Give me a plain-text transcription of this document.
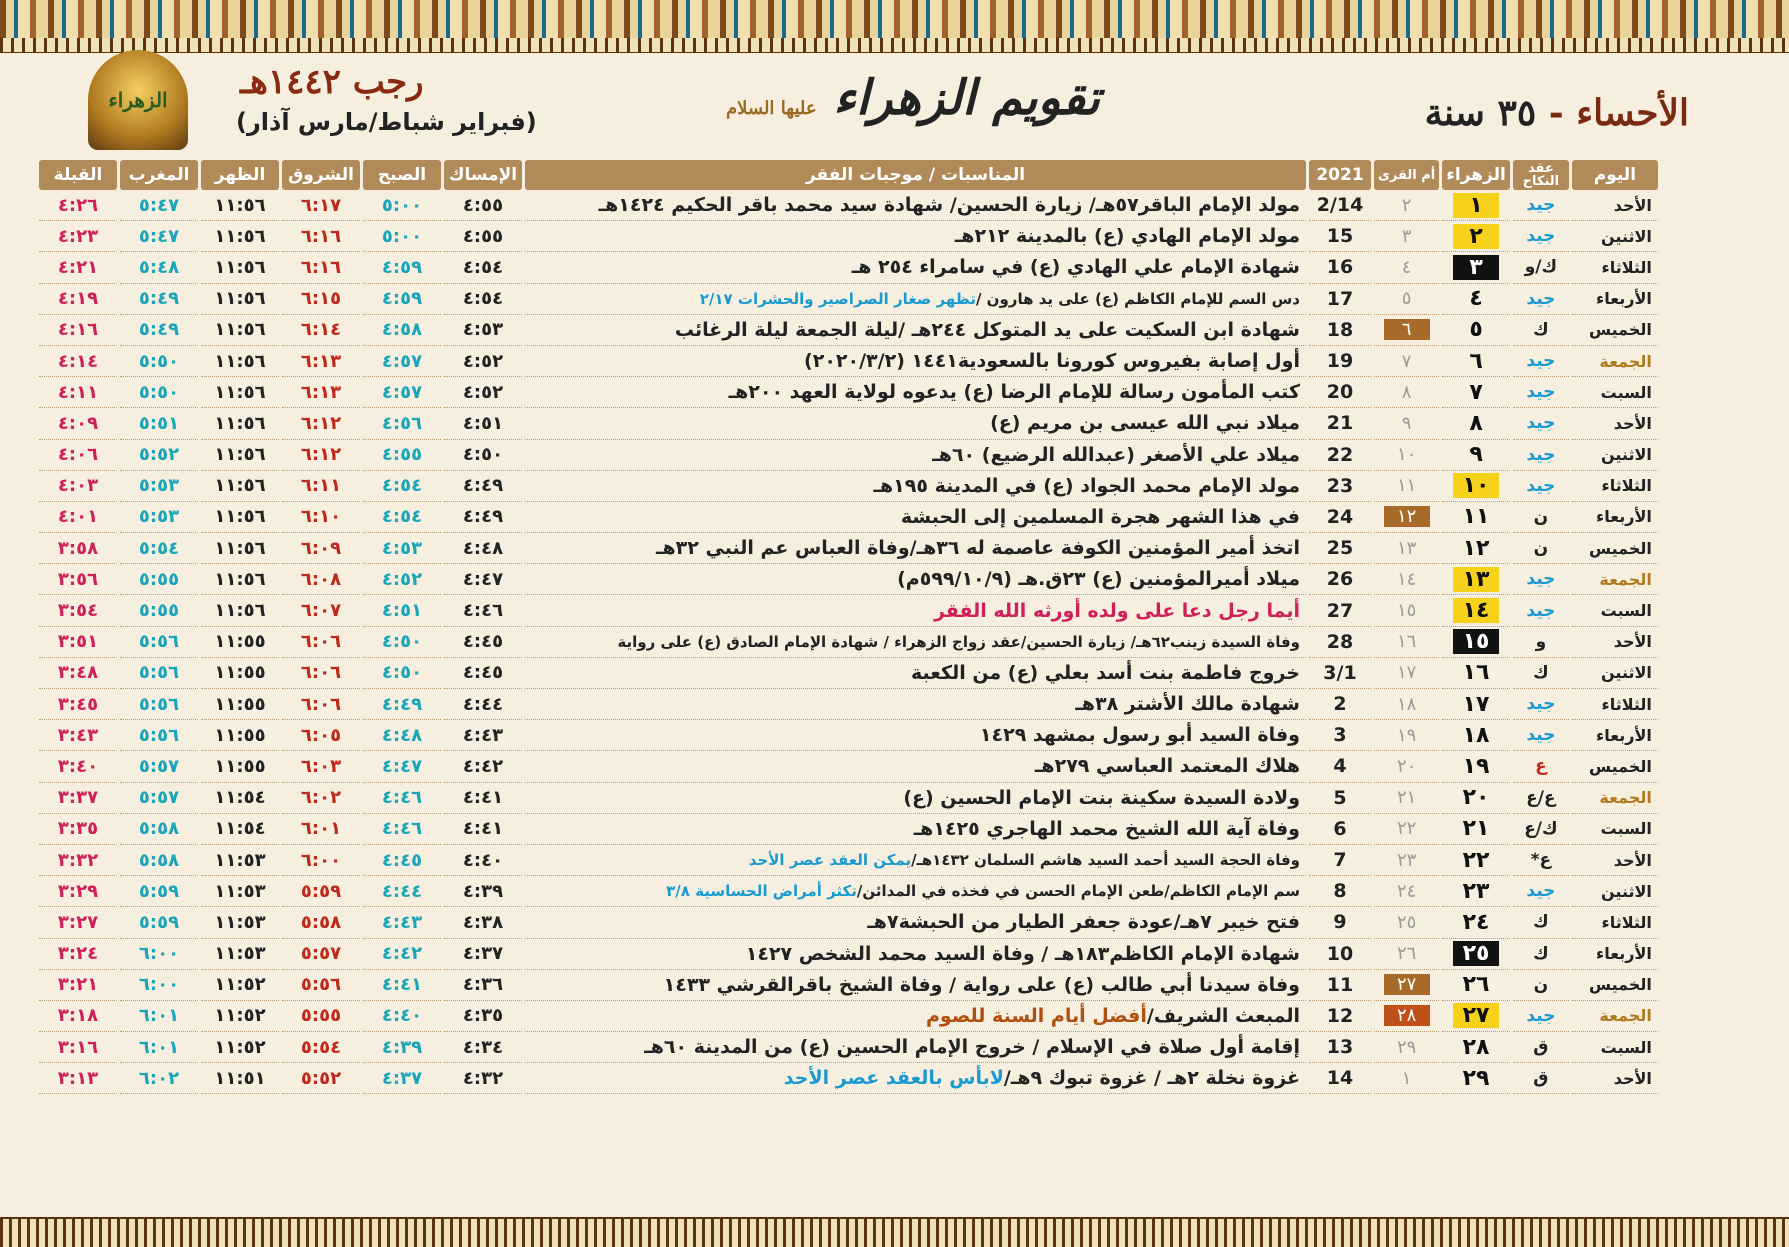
الزهراء رجب ١٤٤٢هـ
(فبراير شباط/مارس آذار)	تقويم الزهراء عليها السلام	الأحساء - ٣٥ سنة
اليوم	عقد النكاح	الزهراء	أم القرى	2021	المناسبات / موجبات الفقر	الإمساك	الصبح	الشروق	الظهر	المغرب	القبلة
الأحد	جيد	١	٢	2/14	مولد الإمام الباقر٥٧هـ/ زيارة الحسين/ شهادة سيد محمد باقر الحكيم ١٤٢٤هـ	٤:٥٥	٥:٠٠	٦:١٧	١١:٥٦	٥:٤٧	٤:٢٦
الاثنين	جيد	٢	٣	15	مولد الإمام الهادي (ع) بالمدينة ٢١٢هـ	٤:٥٥	٥:٠٠	٦:١٦	١١:٥٦	٥:٤٧	٤:٢٣
الثلاثاء	ك/و	٣	٤	16	شهادة الإمام علي الهادي (ع) في سامراء ٢٥٤ هـ	٤:٥٤	٤:٥٩	٦:١٦	١١:٥٦	٥:٤٨	٤:٢١
الأربعاء	جيد	٤	٥	17	دس السم للإمام الكاظم (ع) على يد هارون /تظهر صغار الصراصير والحشرات ٢/١٧	٤:٥٤	٤:٥٩	٦:١٥	١١:٥٦	٥:٤٩	٤:١٩
الخميس	ك	٥	٦	18	شهادة ابن السكيت على يد المتوكل ٢٤٤هـ /ليلة الجمعة ليلة الرغائب	٤:٥٣	٤:٥٨	٦:١٤	١١:٥٦	٥:٤٩	٤:١٦
الجمعة	جيد	٦	٧	19	أول إصابة بفيروس كورونا بالسعودية١٤٤١ (٢٠٢٠/٣/٢)	٤:٥٢	٤:٥٧	٦:١٣	١١:٥٦	٥:٥٠	٤:١٤
السبت	جيد	٧	٨	20	كتب المأمون رسالة للإمام الرضا (ع) يدعوه لولاية العهد ٢٠٠هـ	٤:٥٢	٤:٥٧	٦:١٣	١١:٥٦	٥:٥٠	٤:١١
الأحد	جيد	٨	٩	21	ميلاد نبي الله عيسى بن مريم (ع)	٤:٥١	٤:٥٦	٦:١٢	١١:٥٦	٥:٥١	٤:٠٩
الاثنين	جيد	٩	١٠	22	ميلاد علي الأصغر (عبدالله الرضيع) ٦٠هـ	٤:٥٠	٤:٥٥	٦:١٢	١١:٥٦	٥:٥٢	٤:٠٦
الثلاثاء	جيد	١٠	١١	23	مولد الإمام محمد الجواد (ع) في المدينة ١٩٥هـ	٤:٤٩	٤:٥٤	٦:١١	١١:٥٦	٥:٥٣	٤:٠٣
الأربعاء	ن	١١	١٢	24	في هذا الشهر هجرة المسلمين إلى الحبشة	٤:٤٩	٤:٥٤	٦:١٠	١١:٥٦	٥:٥٣	٤:٠١
الخميس	ن	١٢	١٣	25	اتخذ أمير المؤمنين الكوفة عاصمة له ٣٦هـ/وفاة العباس عم النبي ٣٢هـ	٤:٤٨	٤:٥٣	٦:٠٩	١١:٥٦	٥:٥٤	٣:٥٨
الجمعة	جيد	١٣	١٤	26	ميلاد أميرالمؤمنين (ع) ٢٣ق.هـ (٥٩٩/١٠/٩م)	٤:٤٧	٤:٥٢	٦:٠٨	١١:٥٦	٥:٥٥	٣:٥٦
السبت	جيد	١٤	١٥	27	أيما رجل دعا على ولده أورثه الله الفقر	٤:٤٦	٤:٥١	٦:٠٧	١١:٥٦	٥:٥٥	٣:٥٤
الأحد	و	١٥	١٦	28	وفاة السيدة زينب٦٢هـ/ زيارة الحسين/عقد زواج الزهراء / شهادة الإمام الصادق (ع) على رواية	٤:٤٥	٤:٥٠	٦:٠٦	١١:٥٥	٥:٥٦	٣:٥١
الاثنين	ك	١٦	١٧	3/1	خروج فاطمة بنت أسد بعلي (ع) من الكعبة	٤:٤٥	٤:٥٠	٦:٠٦	١١:٥٥	٥:٥٦	٣:٤٨
الثلاثاء	جيد	١٧	١٨	2	شهادة مالك الأشتر ٣٨هـ	٤:٤٤	٤:٤٩	٦:٠٦	١١:٥٥	٥:٥٦	٣:٤٥
الأربعاء	جيد	١٨	١٩	3	وفاة السيد أبو رسول بمشهد ١٤٢٩	٤:٤٣	٤:٤٨	٦:٠٥	١١:٥٥	٥:٥٦	٣:٤٣
الخميس	ع	١٩	٢٠	4	هلاك المعتمد العباسي ٢٧٩هـ	٤:٤٢	٤:٤٧	٦:٠٣	١١:٥٥	٥:٥٧	٣:٤٠
الجمعة	ع/ع	٢٠	٢١	5	ولادة السيدة سكينة بنت الإمام الحسين (ع)	٤:٤١	٤:٤٦	٦:٠٢	١١:٥٤	٥:٥٧	٣:٣٧
السبت	ك/ع	٢١	٢٢	6	وفاة آية الله الشيخ محمد الهاجري ١٤٢٥هـ	٤:٤١	٤:٤٦	٦:٠١	١١:٥٤	٥:٥٨	٣:٣٥
الأحد	ع*	٢٢	٢٣	7	وفاة الحجة السيد أحمد السيد هاشم السلمان ١٤٣٢هـ/يمكن العقد عصر الأحد	٤:٤٠	٤:٤٥	٦:٠٠	١١:٥٣	٥:٥٨	٣:٣٢
الاثنين	جيد	٢٣	٢٤	8	سم الإمام الكاظم/طعن الإمام الحسن في فخذه في المدائن/تكثر أمراض الحساسية ٣/٨	٤:٣٩	٤:٤٤	٥:٥٩	١١:٥٣	٥:٥٩	٣:٢٩
الثلاثاء	ك	٢٤	٢٥	9	فتح خيبر ٧هـ/عودة جعفر الطيار من الحبشة٧هـ	٤:٣٨	٤:٤٣	٥:٥٨	١١:٥٣	٥:٥٩	٣:٢٧
الأربعاء	ك	٢٥	٢٦	10	شهادة الإمام الكاظم١٨٣هـ / وفاة السيد محمد الشخص ١٤٢٧	٤:٣٧	٤:٤٢	٥:٥٧	١١:٥٣	٦:٠٠	٣:٢٤
الخميس	ن	٢٦	٢٧	11	وفاة سيدنا أبي طالب (ع) على رواية / وفاة الشيخ باقرالقرشي ١٤٣٣	٤:٣٦	٤:٤١	٥:٥٦	١١:٥٢	٦:٠٠	٣:٢١
الجمعة	جيد	٢٧	٢٨	12	المبعث الشريف/أفضل أيام السنة للصوم	٤:٣٥	٤:٤٠	٥:٥٥	١١:٥٢	٦:٠١	٣:١٨
السبت	ق	٢٨	٢٩	13	إقامة أول صلاة في الإسلام / خروج الإمام الحسين (ع) من المدينة ٦٠هـ	٤:٣٤	٤:٣٩	٥:٥٤	١١:٥٢	٦:٠١	٣:١٦
الأحد	ق	٢٩	١	14	غزوة نخلة ٢هـ / غزوة تبوك ٩هـ/لابأس بالعقد عصر الأحد	٤:٣٢	٤:٣٧	٥:٥٢	١١:٥١	٦:٠٢	٣:١٣
